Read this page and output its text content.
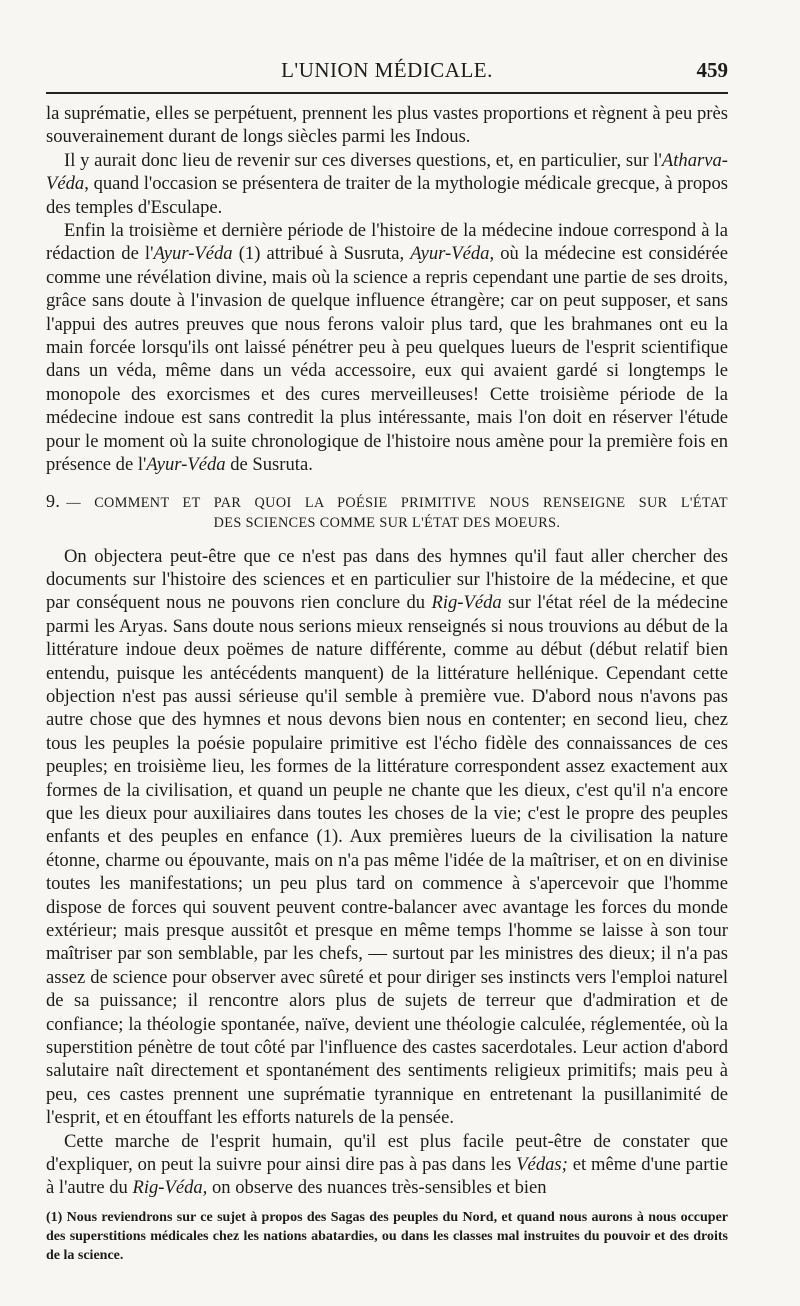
L'UNION MÉDICALE.	459

la suprématie, elles se perpétuent, prennent les plus vastes proportions et règnent à peu près souverainement durant de longs siècles parmi les Indous.

Il y aurait donc lieu de revenir sur ces diverses questions, et, en particulier, sur l'Atharva-Véda, quand l'occasion se présentera de traiter de la mythologie médicale grecque, à propos des temples d'Esculape.

Enfin la troisième et dernière période de l'histoire de la médecine indoue correspond à la rédaction de l'Ayur-Véda (1) attribué à Susruta, Ayur-Véda, où la médecine est considérée comme une révélation divine, mais où la science a repris cependant une partie de ses droits, grâce sans doute à l'invasion de quelque influence étrangère; car on peut supposer, et sans l'appui des autres preuves que nous ferons valoir plus tard, que les brahmanes ont eu la main forcée lorsqu'ils ont laissé pénétrer peu à peu quelques lueurs de l'esprit scientifique dans un véda, même dans un véda accessoire, eux qui avaient gardé si longtemps le monopole des exorcismes et des cures merveilleuses! Cette troisième période de la médecine indoue est sans contredit la plus intéressante, mais l'on doit en réserver l'étude pour le moment où la suite chronologique de l'histoire nous amène pour la première fois en présence de l'Ayur-Véda de Susruta.

9. — COMMENT ET PAR QUOI LA POÉSIE PRIMITIVE NOUS RENSEIGNE SUR L'ÉTAT
DES SCIENCES COMME SUR L'ÉTAT DES MOEURS.

On objectera peut-être que ce n'est pas dans des hymnes qu'il faut aller chercher des documents sur l'histoire des sciences et en particulier sur l'histoire de la médecine, et que par conséquent nous ne pouvons rien conclure du Rig-Véda sur l'état réel de la médecine parmi les Aryas. Sans doute nous serions mieux renseignés si nous trouvions au début de la littérature indoue deux poëmes de nature différente, comme au début (début relatif bien entendu, puisque les antécédents manquent) de la littérature hellénique. Cependant cette objection n'est pas aussi sérieuse qu'il semble à première vue. D'abord nous n'avons pas autre chose que des hymnes et nous devons bien nous en contenter; en second lieu, chez tous les peuples la poésie populaire primitive est l'écho fidèle des connaissances de ces peuples; en troisième lieu, les formes de la littérature correspondent assez exactement aux formes de la civilisation, et quand un peuple ne chante que les dieux, c'est qu'il n'a encore que les dieux pour auxiliaires dans toutes les choses de la vie; c'est le propre des peuples enfants et des peuples en enfance (1). Aux premières lueurs de la civilisation la nature étonne, charme ou épouvante, mais on n'a pas même l'idée de la maîtriser, et on en divinise toutes les manifestations; un peu plus tard on commence à s'apercevoir que l'homme dispose de forces qui souvent peuvent contre-balancer avec avantage les forces du monde extérieur; mais presque aussitôt et presque en même temps l'homme se laisse à son tour maîtriser par son semblable, par les chefs, — surtout par les ministres des dieux; il n'a pas assez de science pour observer avec sûreté et pour diriger ses instincts vers l'emploi naturel de sa puissance; il rencontre alors plus de sujets de terreur que d'admiration et de confiance; la théologie spontanée, naïve, devient une théologie calculée, réglementée, où la superstition pénètre de tout côté par l'influence des castes sacerdotales. Leur action d'abord salutaire naît directement et spontanément des sentiments religieux primitifs; mais peu à peu, ces castes prennent une suprématie tyrannique en entretenant la pusillanimité de l'esprit, et en étouffant les efforts naturels de la pensée.

Cette marche de l'esprit humain, qu'il est plus facile peut-être de constater que d'expliquer, on peut la suivre pour ainsi dire pas à pas dans les Védas; et même d'une partie à l'autre du Rig-Véda, on observe des nuances très-sensibles et bien

(1) Nous reviendrons sur ce sujet à propos des Sagas des peuples du Nord, et quand nous aurons à nous occuper des superstitions médicales chez les nations abatardies, ou dans les classes mal instruites du pouvoir et des droits de la science.
